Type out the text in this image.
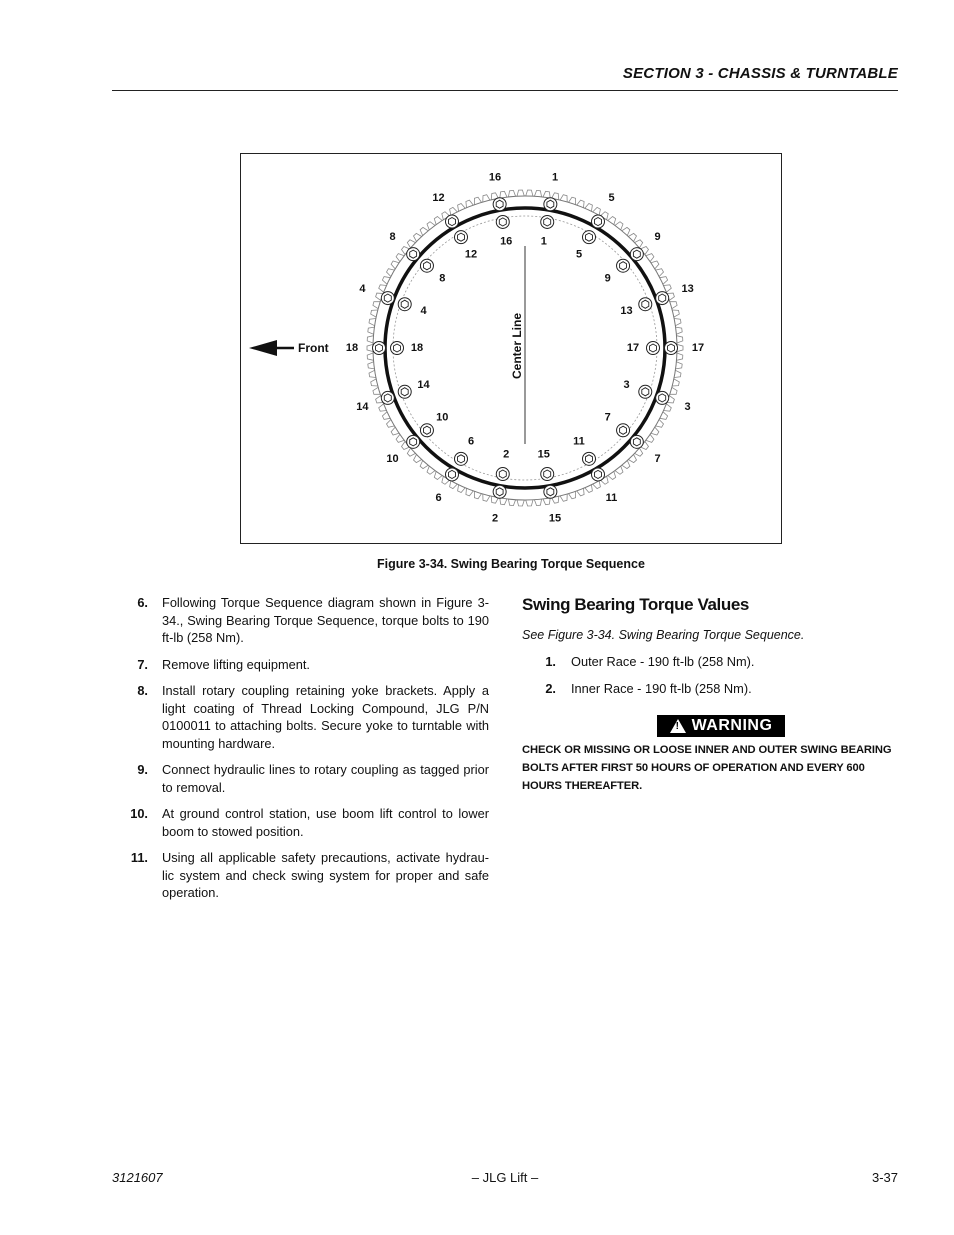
SECTION 3 - CHASSIS & TURNTABLE
Center Line
Front
1
1
5
5
9
9
13
13
17
17
3
3
7
7
11
11
15
15
2
2
6
6
10
10
14
14
18	18
4
4
8
8
12
12
16
16
Figure 3-34. Swing Bearing Torque Sequence
6. Following Torque Sequence diagram shown in Figure 3-34., Swing Bearing Torque Sequence, torque bolts to 190 ft-lb (258 Nm).
7. Remove lifting equipment.
8. Install rotary coupling retaining yoke brackets. Apply a light coating of Thread Locking Compound, JLG P/N 0100011 to attaching bolts. Secure yoke to turntable with mounting hardware.
9. Connect hydraulic lines to rotary coupling as tagged prior to removal.
10. At ground control station, use boom lift control to lower boom to stowed position.
11. Using all applicable safety precautions, activate hydrau-lic system and check swing system for proper and safe operation.
Swing Bearing Torque Values

See Figure 3-34. Swing Bearing Torque Sequence.

1. Outer Race - 190 ft-lb (258 Nm).
2. Inner Race - 190 ft-lb (258 Nm).
! WARNING
CHECK OR MISSING OR LOOSE INNER AND OUTER SWING BEARING BOLTS AFTER FIRST 50 HOURS OF OPERATION AND EVERY 600 HOURS THEREAFTER.
3121607	– JLG Lift –	3-37
